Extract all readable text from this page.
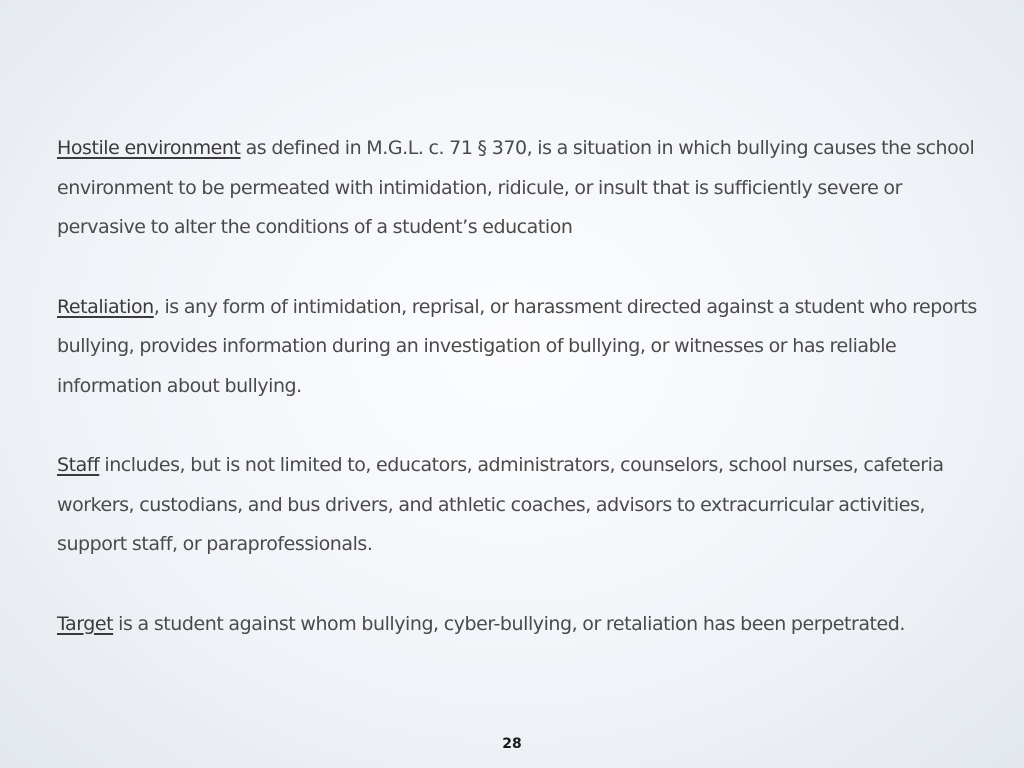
Hostile environment as defined in M.G.L. c. 71 § 370, is a situation in which bullying causes the school environment to be permeated with intimidation, ridicule, or insult that is sufficiently severe or pervasive to alter the conditions of a student’s education

Retaliation, is any form of intimidation, reprisal, or harassment directed against a student who reports bullying, provides information during an investigation of bullying, or witnesses or has reliable information about bullying.

Staff includes, but is not limited to, educators, administrators, counselors, school nurses, cafeteria workers, custodians, and bus drivers, and athletic coaches, advisors to extracurricular activities, support staff, or paraprofessionals.

Target is a student against whom bullying, cyber-bullying, or retaliation has been perpetrated.

28
